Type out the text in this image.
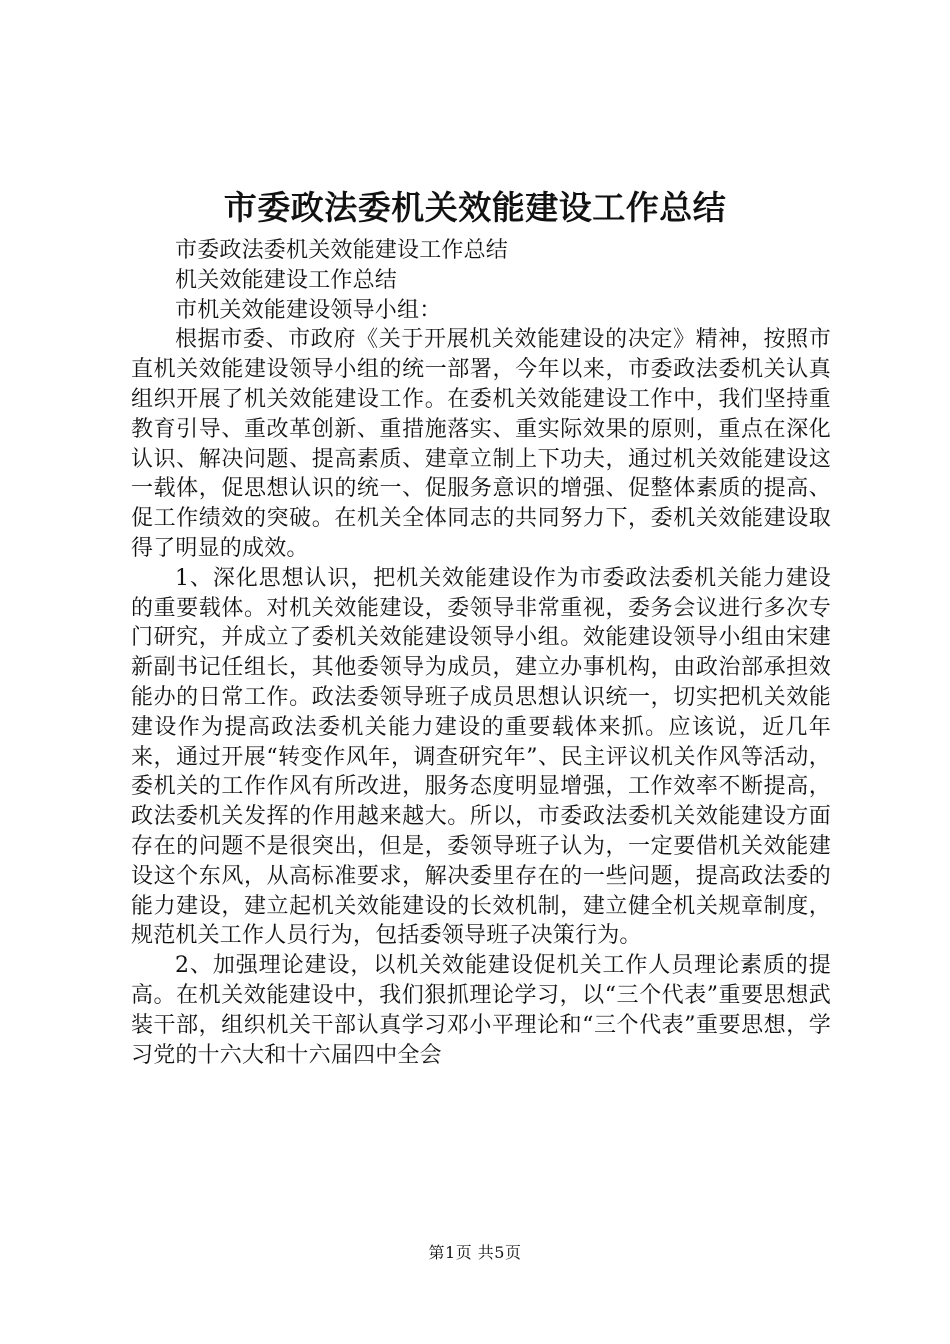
市委政法委机关效能建设工作总结

市委政法委机关效能建设工作总结

机关效能建设工作总结

市机关效能建设领导小组：

根据市委、市政府《关于开展机关效能建设的决定》精神，按照市直机关效能建设领导小组的统一部署，今年以来，市委政法委机关认真组织开展了机关效能建设工作。在委机关效能建设工作中，我们坚持重教育引导、重改革创新、重措施落实、重实际效果的原则，重点在深化认识、解决问题、提高素质、建章立制上下功夫，通过机关效能建设这一载体，促思想认识的统一、促服务意识的增强、促整体素质的提高、促工作绩效的突破。在机关全体同志的共同努力下，委机关效能建设取得了明显的成效。

1、深化思想认识，把机关效能建设作为市委政法委机关能力建设的重要载体。对机关效能建设，委领导非常重视，委务会议进行多次专门研究，并成立了委机关效能建设领导小组。效能建设领导小组由宋建新副书记任组长，其他委领导为成员，建立办事机构，由政治部承担效能办的日常工作。政法委领导班子成员思想认识统一，切实把机关效能建设作为提高政法委机关能力建设的重要载体来抓。应该说，近几年来，通过开展“转变作风年，调查研究年”、民主评议机关作风等活动，委机关的工作作风有所改进，服务态度明显增强，工作效率不断提高，政法委机关发挥的作用越来越大。所以，市委政法委机关效能建设方面存在的问题不是很突出，但是，委领导班子认为，一定要借机关效能建设这个东风，从高标准要求，解决委里存在的一些问题，提高政法委的能力建设，建立起机关效能建设的长效机制，建立健全机关规章制度，规范机关工作人员行为，包括委领导班子决策行为。

2、加强理论建设，以机关效能建设促机关工作人员理论素质的提高。在机关效能建设中，我们狠抓理论学习，以“三个代表”重要思想武装干部，组织机关干部认真学习邓小平理论和“三个代表”重要思想，学习党的十六大和十六届四中全会

第1页 共5页
